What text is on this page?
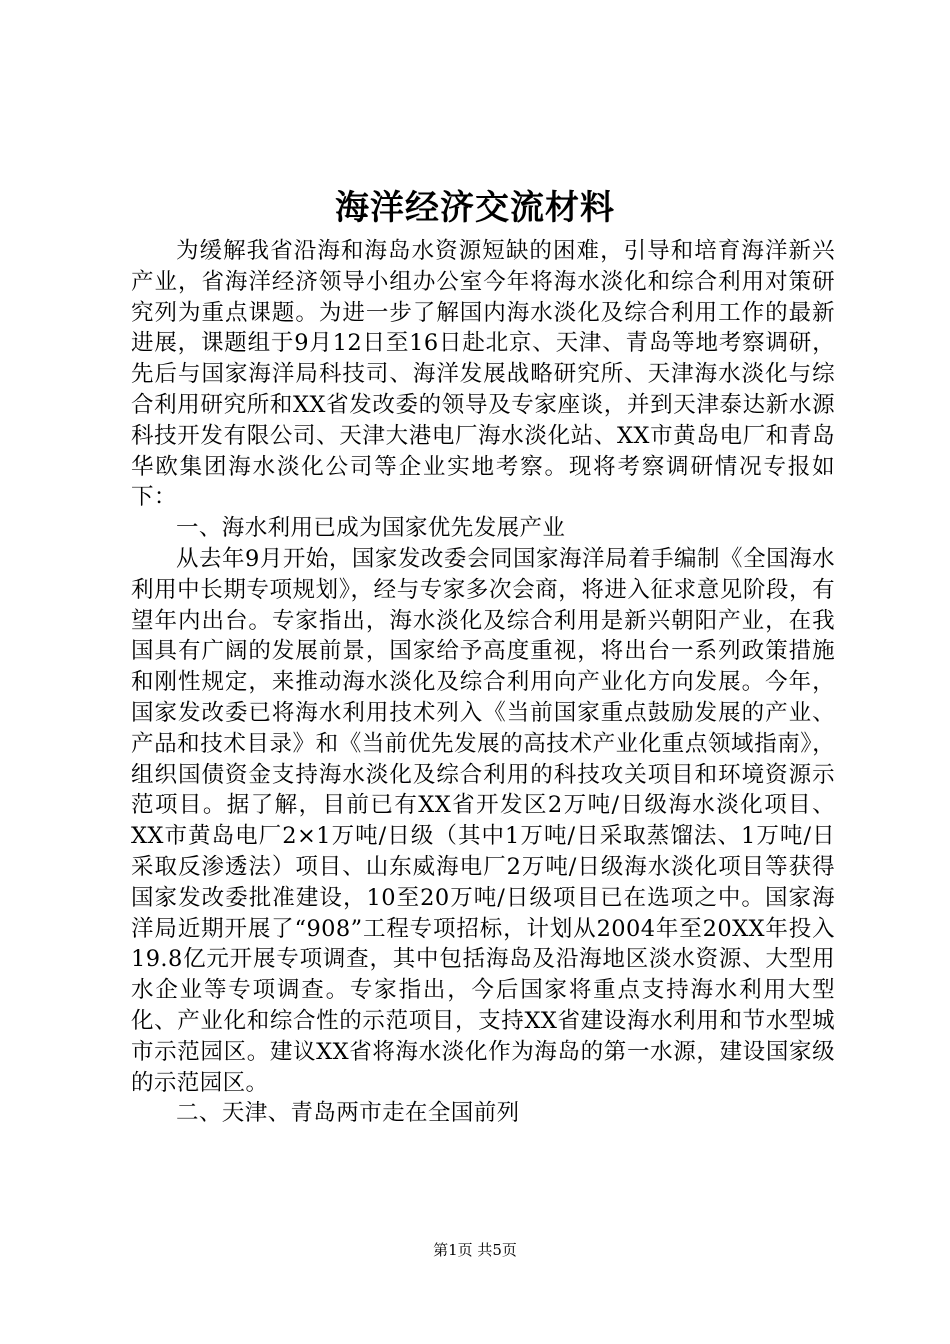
海洋经济交流材料

为缓解我省沿海和海岛水资源短缺的困难，引导和培育海洋新兴产业，省海洋经济领导小组办公室今年将海水淡化和综合利用对策研究列为重点课题。为进一步了解国内海水淡化及综合利用工作的最新进展，课题组于9月12日至16日赴北京、天津、青岛等地考察调研，先后与国家海洋局科技司、海洋发展战略研究所、天津海水淡化与综合利用研究所和XX省发改委的领导及专家座谈，并到天津泰达新水源科技开发有限公司、天津大港电厂海水淡化站、XX市黄岛电厂和青岛华欧集团海水淡化公司等企业实地考察。现将考察调研情况专报如下：

一、海水利用已成为国家优先发展产业

从去年9月开始，国家发改委会同国家海洋局着手编制《全国海水利用中长期专项规划》，经与专家多次会商，将进入征求意见阶段，有望年内出台。专家指出，海水淡化及综合利用是新兴朝阳产业，在我国具有广阔的发展前景，国家给予高度重视，将出台一系列政策措施和刚性规定，来推动海水淡化及综合利用向产业化方向发展。今年，国家发改委已将海水利用技术列入《当前国家重点鼓励发展的产业、产品和技术目录》和《当前优先发展的高技术产业化重点领域指南》，组织国债资金支持海水淡化及综合利用的科技攻关项目和环境资源示范项目。据了解，目前已有XX省开发区2万吨/日级海水淡化项目、XX市黄岛电厂2×1万吨/日级（其中1万吨/日采取蒸馏法、1万吨/日采取反渗透法）项目、山东威海电厂2万吨/日级海水淡化项目等获得国家发改委批准建设，10至20万吨/日级项目已在选项之中。国家海洋局近期开展了“908”工程专项招标，计划从2004年至20XX年投入19.8亿元开展专项调查，其中包括海岛及沿海地区淡水资源、大型用水企业等专项调查。专家指出，今后国家将重点支持海水利用大型化、产业化和综合性的示范项目，支持XX省建设海水利用和节水型城市示范园区。建议XX省将海水淡化作为海岛的第一水源，建设国家级的示范园区。

二、天津、青岛两市走在全国前列

第1页 共5页
